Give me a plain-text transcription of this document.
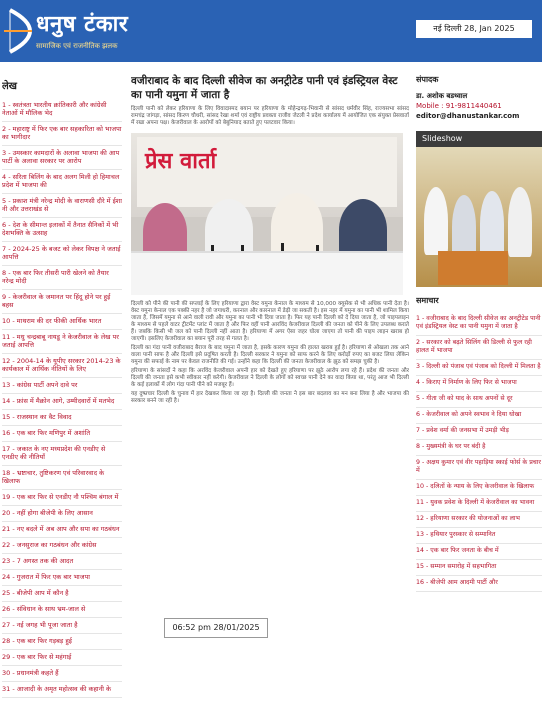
धनुष टंकार
सामाजिक एवं राजनीतिक झलक
नई दिल्ली 28, Jan 2025
लेख
1 - स्वतंत्रता भारतीय क्रांतिकारी और कांग्रेसी नेताओं में मौलिक भेद
2 - महाराष्ट्र में फिर एक बार सहकारिता को भाजपा का भागीदार
3 - उमस्कार कामदारों के अलावा भाजपा की आप पार्टी के अलावा सरकार पर आरोप
4 - सरिता बिलिंग के बाद अलग मिली हो हिमाचल प्रदेश में भाजपा की
5 - प्रकाश मंत्री नरेन्द्र मोदी के वाराणसी दौरे में ईशा नी और उत्तराखंड से
6 - देश के सीमान्त इलाकों में तैनात सैनिकों में भी देशभक्ति के उत्साह
7 - 2024-25 के बजट को लेकर विपक्ष ने जताई आपत्ति
8 - एक बार फिर तीसरी पारी खेलने को तैयार नरेन्द्र मोदी
9 - केजरीवाल के जमानत पर हिंदू होने पर हुई बहस
10 - माथराम की दर फीकी आर्थिक भारत
11 - मधु चन्द्रबाबू नायडू ने केजरीवाल के लेख पर जताई आपत्ति
12 - 2004-14 के यूपीए सरकार 2014-23 के कार्यकाल में आर्थिक नीतियों के लिए
13 - कांग्रेस पार्टी अपने दावे पर
14 - फ्रांस में मैक्रोन आगे, उम्मीदवारों में मतभेद
15 - राजस्थान का वैट विवाद
16 - एक बार फिर मणिपुर में अशांति
17 - जकात के नए मध्यप्रदेश की एनडीए से एनडीए की नीतियाँ
18 - भ्रष्टाचार, तुष्टिकरण एवं परिवारवाद के खिलाफ
19 - एक बार फिर से एनडीए नौ पश्चिम बंगाल में
20 - नहीं होगा बीजेपी के लिए आसान
21 - नए बदले में अब आप और सपा का गठबंधन
22 - जनसुराज का गठबंधन और कांग्रेस
23 - 7 अगस्त तक की आदत
24 - गुजरात में फिर एक बार भाजपा
25 - बीजेपी आप में कौन है
26 - संविधान के साथ भ्रम-जाल से
27 - नई जगह भी पूजा जाता है
28 - एक बार फिर गड़बड़ हुई
29 - एक बार फिर से महंगाई
30 - प्रधानमंत्री कहते हैं
31 - आजादी के अमृत महोत्सव की कहानी के
वजीराबाद के बाद दिल्ली सीवेज का अनट्रीटेड पानी एवं इंडस्ट्रियल वेस्ट का पानी यमुना में जाता है
दिल्ली पानी को लेकर हरियाणा के लिए विवादास्पद बयान पर हरियाणा के मोहेन्द्रगढ़-भिवानी से सांसद धर्मवीर सिंह, राज्यसभा सांसद रामचंद्र जांगड़ा, सांसद किरण चौधरी, सांसद रेखा शर्मा एवं राष्ट्रीय प्रवक्ता राजीव जेटली ने प्रदेश कार्यालय में आयोजित एक संयुक्त प्रेसवार्ता में रखा अपना पक्ष। केजरीवाल के आरोपों को बेबुनियाद बताते हुए पलटवार किया।
प्रेस वार्ता
दिल्ली को पीने की पानी की सप्लाई के लिए हरियाणा द्वारा वेस्ट यमुना केनाल के माध्यम से 10,000 क्यूसेक से भी अधिक पानी देता है। वेस्ट यमुना केनाल एक पक्की नहर है जो जगाधरी, करनाल और कारनाल में डेढ़ी जा सकती है। इस नहर में यमुना का पानी भी शामिल किया जाता है, जिसमें यमुना से आने वाली रावी और यमुना का पानी भी दिया जाता है। फिर यह पानी दिल्ली को दे दिया जाता है, जो पाइपलाइन के माध्यम से पहले वाटर ट्रीटमेंट प्लांट में जाता है और फिर वहीं पानी आरविंद केजरीवाल दिल्ली की जनता को पीने के लिए उपलब्ध कराते हैं। जबकि किसी भी जल को पानी दिल्ली नहीं आता है। हरियाणा में अगर ऐसा जहर घोला जाएगा तो पानी की पाइप लाइन खराब हो जाएगी। इसलिए केजरीवाल का बयान पूरी तरह से गलत है।
दिल्ली का गंदा पानी वजीराबाद बैराज के बाद यमुना में जाता है, इसके कारण यमुना की हालत खराब हुई है। हरियाणा से ओखला तक आने वाला पानी साफ है और दिल्ली इसे प्रदूषित करती है। दिल्ली सरकार ने यमुना को साफ करने के लिए करोड़ों रुपए का बजट लिया लेकिन यमुना की सफाई के नाम पर केवल राजनीति की गई। उन्होंने कहा कि दिल्ली की जनता केजरीवाल के झूठ को समझ चुकी है।
हरियाणा के सांसदों ने कहा कि अरविंद केजरीवाल अपनी हार को देखते हुए हरियाणा पर झूठे आरोप लगा रहे हैं। प्रदेश की जनता और दिल्ली की जनता इसे कभी स्वीकार नहीं करेगी। केजरीवाल ने दिल्ली के लोगों को स्वच्छ पानी देने का वादा किया था, परंतु आज भी दिल्ली के कई इलाकों में लोग गंदा पानी पीने को मजबूर हैं।
यह दुष्प्रचार दिल्ली के चुनाव में हार देखकर किया जा रहा है। दिल्ली की जनता ने इस बार बदलाव का मन बना लिया है और भाजपा की सरकार बनने जा रही है।
06:52 pm 28/01/2025
संपादक
डा. अशोक बडथ्वाल
Mobile : 91-9811440461
editor@dhanustankar.com
Slideshow
समाचार
1 - वजीराबाद के बाद दिल्ली सीवेज का अनट्रीटेड पानी एवं इंडस्ट्रियल वेस्ट का पानी यमुना में जाता है
2 - सरकार को बढ़ते सिलिंग की डिल्ली से फुल रही हालत में भाजपा
3 - दिल्ली को पंजाब एवं पंजाब को दिल्ली में मिलता है
4 - किराए में निर्माण के लिए फिर से भाजपा
5 - गीता जी को याद के साथ अपनों से दूर
6 - केजरीवाल को अपने स्वभाव ने दिया धोखा
7 - प्रवेश वर्मा की जनसभा में उमड़ी भीड़
8 - मुख्यमंत्री के घर पर बंदी है
9 - अक्षय कुमार एवं वीर पहाड़िया स्काई फोर्स के प्रचार में
10 - दलितों के न्याय के लिए केजरीवाल के खिलाफ
11 - युवक प्रवेश के दिल्ली में केजरीवाल का भावना
12 - हरियाणा सरकार की योजनाओं का लाभ
13 - हथियार पुरस्कार से सम्मानित
14 - एक बार फिर जनता के बीच में
15 - सम्मान समारोह में सहभागिता
16 - बीजेपी आम आदमी पार्टी और
